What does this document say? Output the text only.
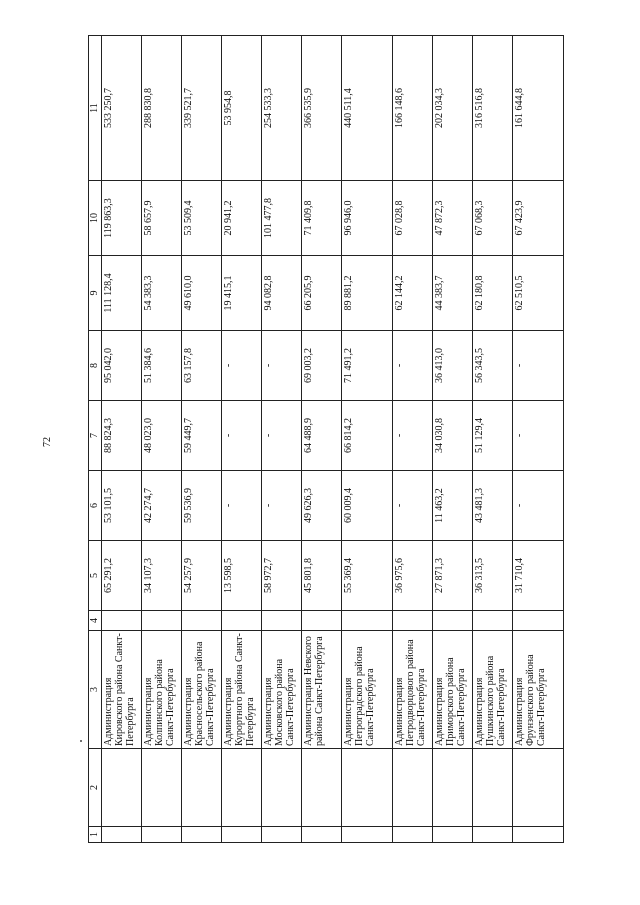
72
1	2	3	4	5	6	7	8	9	10	11
		Администрация Кировского района Санкт-Петербурга		65 291,2	53 101,5	88 824,3	95 042,0	111 128,4	119 863,3	533 250,7
		Администрация Колпинского района Санкт-Петербурга		34 107,3	42 274,7	48 023,0	51 384,6	54 383,3	58 657,9	288 830,8
		Администрация Красносельского района Санкт-Петербурга		54 257,9	59 536,9	59 449,7	63 157,8	49 610,0	53 509,4	339 521,7
		Администрация Курортного района Санкт-Петербурга		13 598,5	-	-	-	19 415,1	20 941,2	53 954,8
		Администрация Московского района Санкт-Петербурга		58 972,7	-	-	-	94 082,8	101 477,8	254 533,3
		Администрация Невского района Санкт-Петербурга		45 801,8	49 626,3	64 488,9	69 003,2	66 205,9	71 409,8	366 535,9
		Администрация Петроградского района Санкт-Петербурга		55 369,4	60 009,4	66 814,2	71 491,2	89 881,2	96 946,0	440 511,4
		Администрация Петродворцового района Санкт-Петербурга		36 975,6	-	-	-	62 144,2	67 028,8	166 148,6
		Администрация Приморского района Санкт-Петербурга		27 871,3	11 463,2	34 030,8	36 413,0	44 383,7	47 872,3	202 034,3
		Администрация Пушкинского района Санкт-Петербурга		36 313,5	43 481,3	51 129,4	56 343,5	62 180,8	67 068,3	316 516,8
		Администрация Фрунзенского района Санкт-Петербурга		31 710,4	-	-	-	62 510,5	67 423,9	161 644,8
